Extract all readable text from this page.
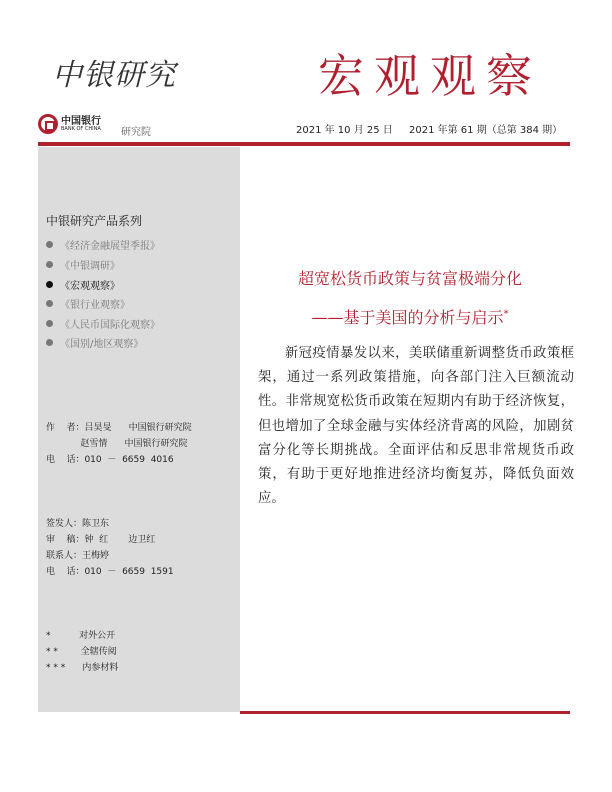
中银研究	宏观观察
中国银行
BANK OF CHINA 研究院	2021 年 10 月 25 日 2021 年第 61 期（总第 384 期）
中银研究产品系列
《经济金融展望季报》
《中银调研》
《宏观观察》
《银行业观察》
《人民币国际化观察》
《国别/地区观察》
作    者：吕昊旻      中国银行研究院
赵雪情      中国银行研究院
电    话：010  －  6659  4016
签发人：陈卫东
审    稿：钟  红       边卫红
联系人：王梅婷
电    话：010  －  6659  1591
*          对外公开
* *        全辖传阅
* * *      内参材料
超宽松货币政策与贫富极端分化
——基于美国的分析与启示*
新冠疫情暴发以来，美联储重新调整货币政策框架，通过一系列政策措施，向各部门注入巨额流动性。非常规宽松货币政策在短期内有助于经济恢复，但也增加了全球金融与实体经济背离的风险，加剧贫富分化等长期挑战。全面评估和反思非常规货币政策，有助于更好地推进经济均衡复苏，降低负面效应。
